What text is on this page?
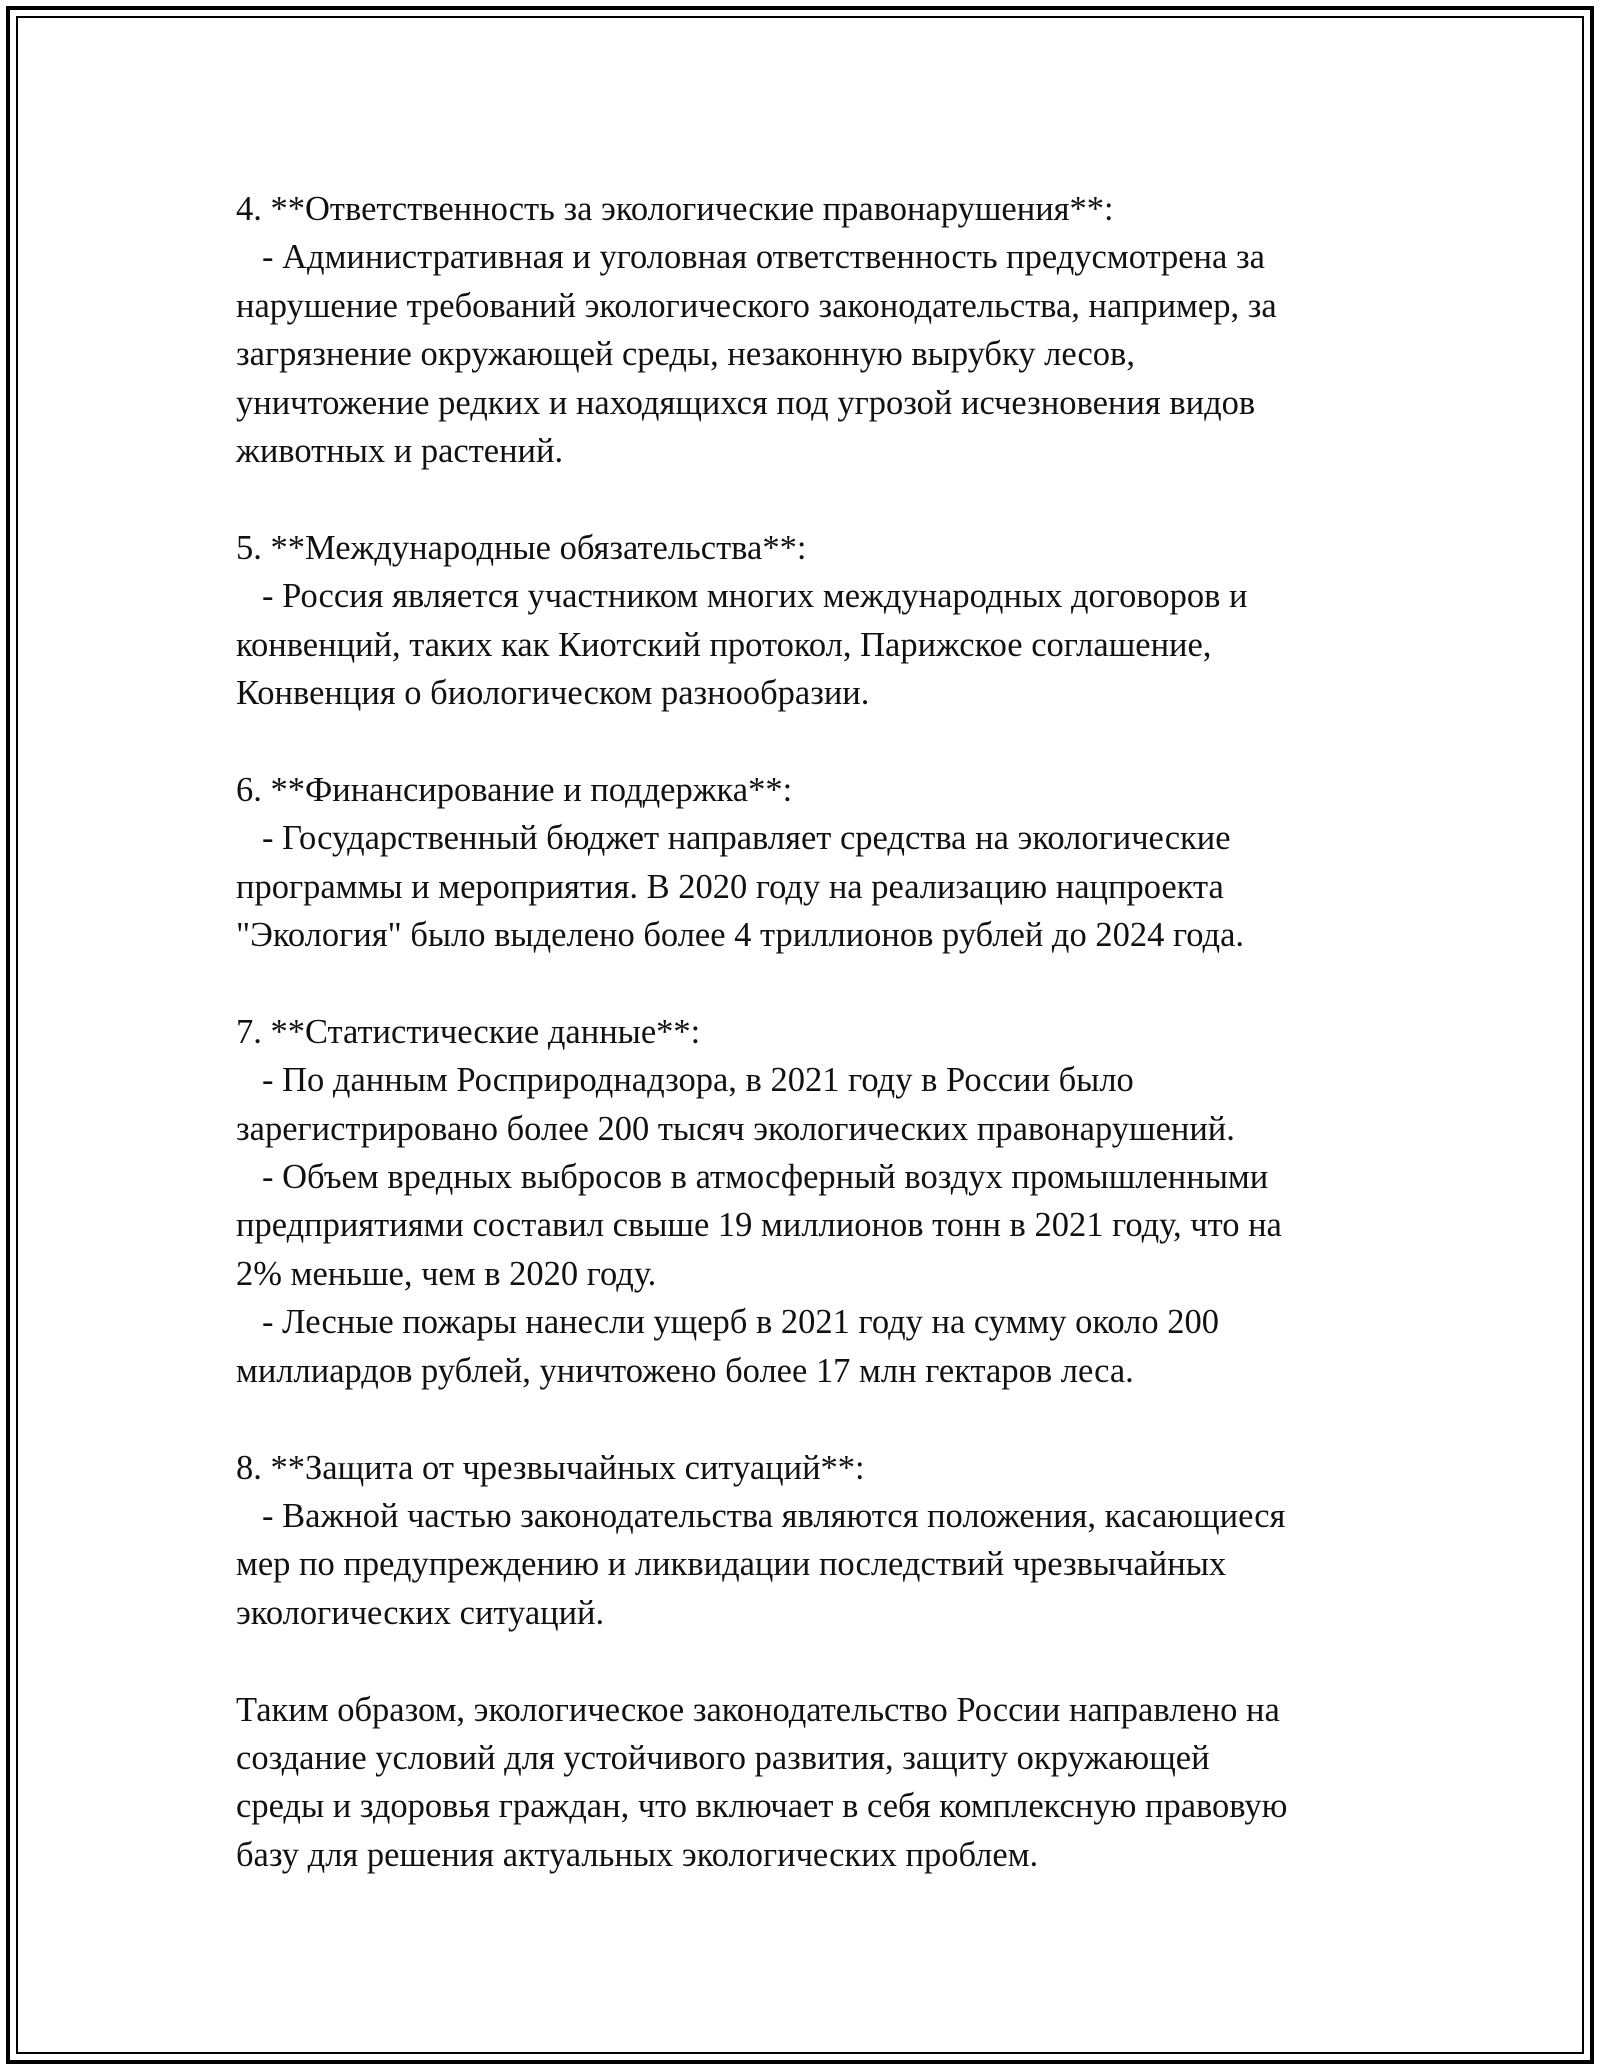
4. **Ответственность за экологические правонарушения**:
- Административная и уголовная ответственность предусмотрена за
нарушение требований экологического законодательства, например, за
загрязнение окружающей среды, незаконную вырубку лесов,
уничтожение редких и находящихся под угрозой исчезновения видов
животных и растений.
5. **Международные обязательства**:
- Россия является участником многих международных договоров и
конвенций, таких как Киотский протокол, Парижское соглашение,
Конвенция о биологическом разнообразии.
6. **Финансирование и поддержка**:
- Государственный бюджет направляет средства на экологические
программы и мероприятия. В 2020 году на реализацию нацпроекта
"Экология" было выделено более 4 триллионов рублей до 2024 года.
7. **Статистические данные**:
- По данным Росприроднадзора, в 2021 году в России было
зарегистрировано более 200 тысяч экологических правонарушений.
- Объем вредных выбросов в атмосферный воздух промышленными
предприятиями составил свыше 19 миллионов тонн в 2021 году, что на
2% меньше, чем в 2020 году.
- Лесные пожары нанесли ущерб в 2021 году на сумму около 200
миллиардов рублей, уничтожено более 17 млн гектаров леса.
8. **Защита от чрезвычайных ситуаций**:
- Важной частью законодательства являются положения, касающиеся
мер по предупреждению и ликвидации последствий чрезвычайных
экологических ситуаций.
Таким образом, экологическое законодательство России направлено на
создание условий для устойчивого развития, защиту окружающей
среды и здоровья граждан, что включает в себя комплексную правовую
базу для решения актуальных экологических проблем.
